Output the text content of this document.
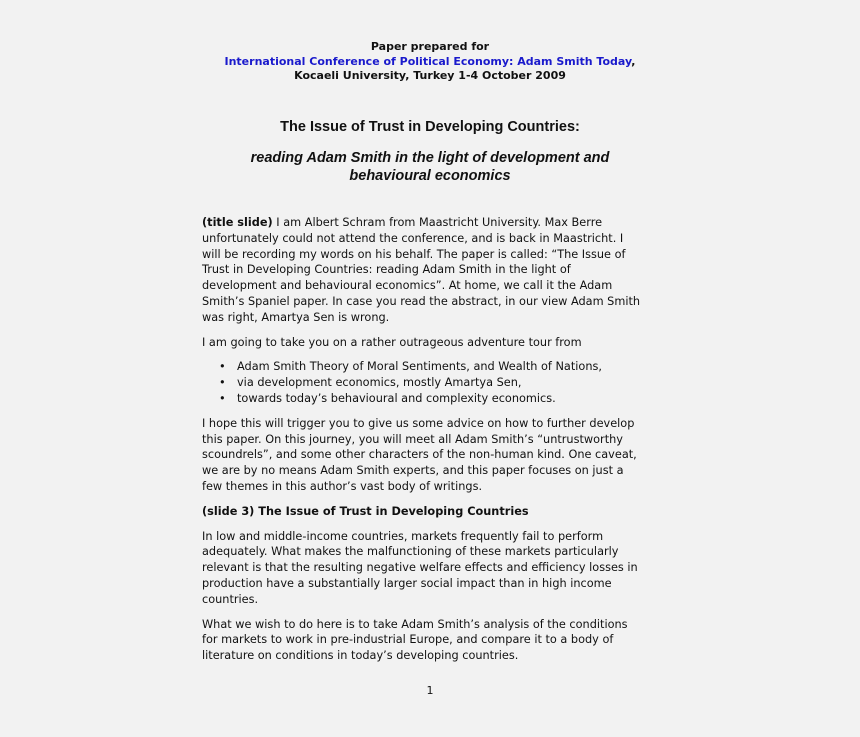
Paper prepared for
International Conference of Political Economy: Adam Smith Today,
Kocaeli University, Turkey 1-4 October 2009
The Issue of Trust in Developing Countries:
reading Adam Smith in the light of development and
behavioural economics

(title slide) I am Albert Schram from Maastricht University. Max Berre
unfortunately could not attend the conference, and is back in Maastricht. I
will be recording my words on his behalf. The paper is called: “The Issue of
Trust in Developing Countries: reading Adam Smith in the light of
development and behavioural economics”. At home, we call it the Adam
Smith’s Spaniel paper. In case you read the abstract, in our view Adam Smith
was right, Amartya Sen is wrong.

I am going to take you on a rather outrageous adventure tour from

• Adam Smith Theory of Moral Sentiments, and Wealth of Nations,
• via development economics, mostly Amartya Sen,
• towards today’s behavioural and complexity economics.

I hope this will trigger you to give us some advice on how to further develop
this paper. On this journey, you will meet all Adam Smith’s “untrustworthy
scoundrels”, and some other characters of the non-human kind. One caveat,
we are by no means Adam Smith experts, and this paper focuses on just a
few themes in this author’s vast body of writings.

(slide 3) The Issue of Trust in Developing Countries

In low and middle-income countries, markets frequently fail to perform
adequately. What makes the malfunctioning of these markets particularly
relevant is that the resulting negative welfare effects and efficiency losses in
production have a substantially larger social impact than in high income
countries.

What we wish to do here is to take Adam Smith’s analysis of the conditions
for markets to work in pre-industrial Europe, and compare it to a body of
literature on conditions in today’s developing countries.

1
